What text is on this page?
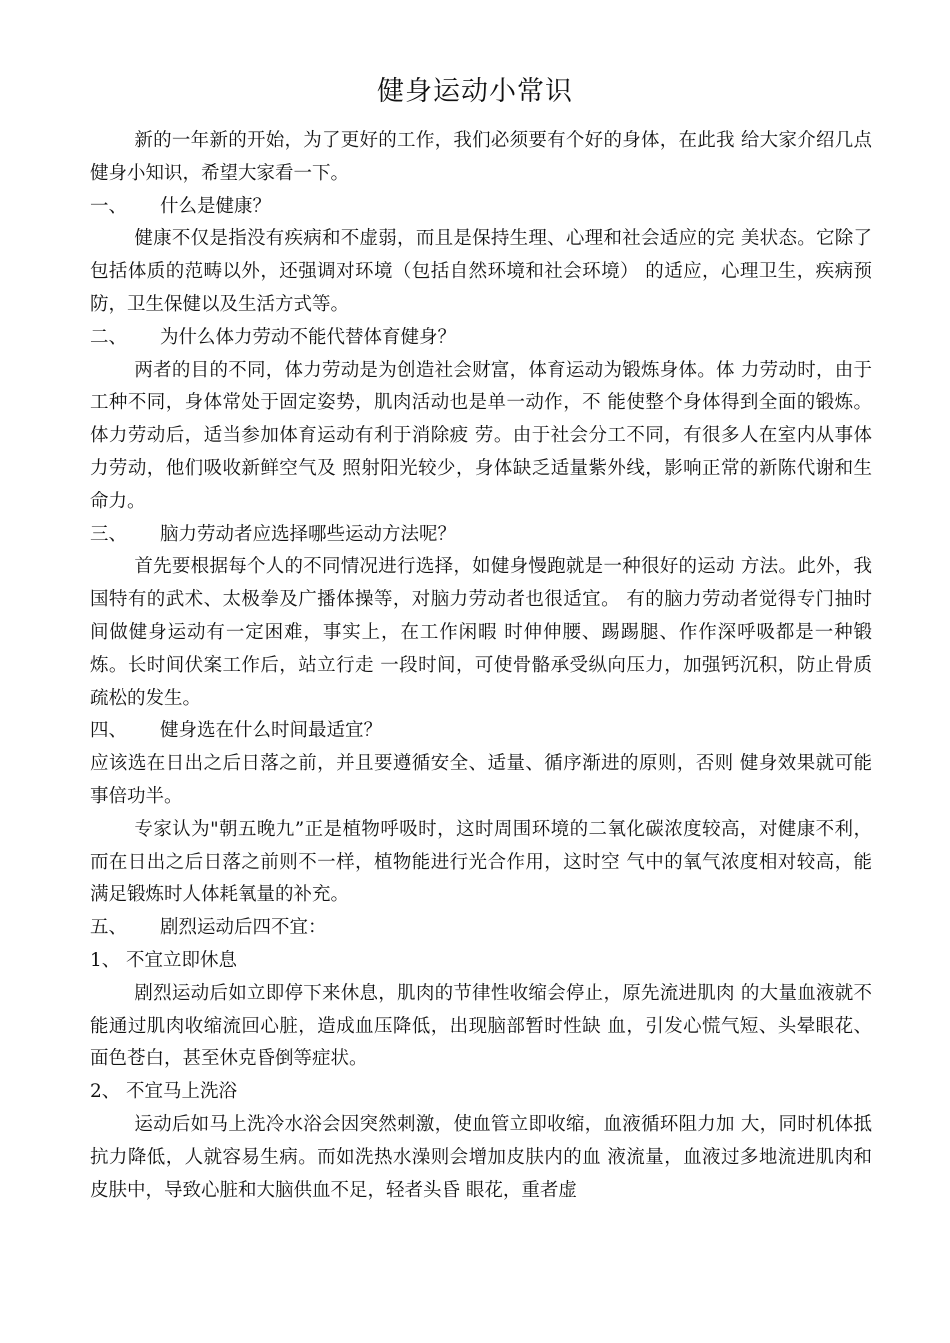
健身运动小常识

新的一年新的开始，为了更好的工作，我们必须要有个好的身体，在此我 给大家介绍几点健身小知识，希望大家看一下。

一、 什么是健康？

健康不仅是指没有疾病和不虚弱，而且是保持生理、心理和社会适应的完 美状态。它除了包括体质的范畴以外，还强调对环境（包括自然环境和社会环境） 的适应，心理卫生，疾病预防，卫生保健以及生活方式等。

二、 为什么体力劳动不能代替体育健身？

两者的目的不同，体力劳动是为创造社会财富，体育运动为锻炼身体。体 力劳动时，由于工种不同，身体常处于固定姿势，肌肉活动也是单一动作，不 能使整个身体得到全面的锻炼。体力劳动后，适当参加体育运动有利于消除疲 劳。由于社会分工不同，有很多人在室内从事体力劳动，他们吸收新鲜空气及 照射阳光较少，身体缺乏适量紫外线，影响正常的新陈代谢和生命力。

三、 脑力劳动者应选择哪些运动方法呢？

首先要根据每个人的不同情况进行选择，如健身慢跑就是一种很好的运动 方法。此外，我国特有的武术、太极拳及广播体操等，对脑力劳动者也很适宜。 有的脑力劳动者觉得专门抽时间做健身运动有一定困难，事实上，在工作闲暇 时伸伸腰、踢踢腿、作作深呼吸都是一种锻炼。长时间伏案工作后，站立行走 一段时间，可使骨骼承受纵向压力，加强钙沉积，防止骨质疏松的发生。

四、 健身选在什么时间最适宜？

应该选在日出之后日落之前，并且要遵循安全、适量、循序渐进的原则，否则 健身效果就可能事倍功半。

专家认为"朝五晚九”正是植物呼吸时，这时周围环境的二氧化碳浓度较高，对健康不利，而在日出之后日落之前则不一样，植物能进行光合作用，这时空 气中的氧气浓度相对较高，能满足锻炼时人体耗氧量的补充。

五、 剧烈运动后四不宜：

1、 不宜立即休息

剧烈运动后如立即停下来休息，肌肉的节律性收缩会停止，原先流进肌肉 的大量血液就不能通过肌肉收缩流回心脏，造成血压降低，出现脑部暂时性缺 血，引发心慌气短、头晕眼花、面色苍白，甚至休克昏倒等症状。

2、 不宜马上洗浴

运动后如马上洗冷水浴会因突然刺激，使血管立即收缩，血液循环阻力加 大，同时机体抵抗力降低，人就容易生病。而如洗热水澡则会增加皮肤内的血 液流量，血液过多地流进肌肉和皮肤中，导致心脏和大脑供血不足，轻者头昏 眼花，重者虚
